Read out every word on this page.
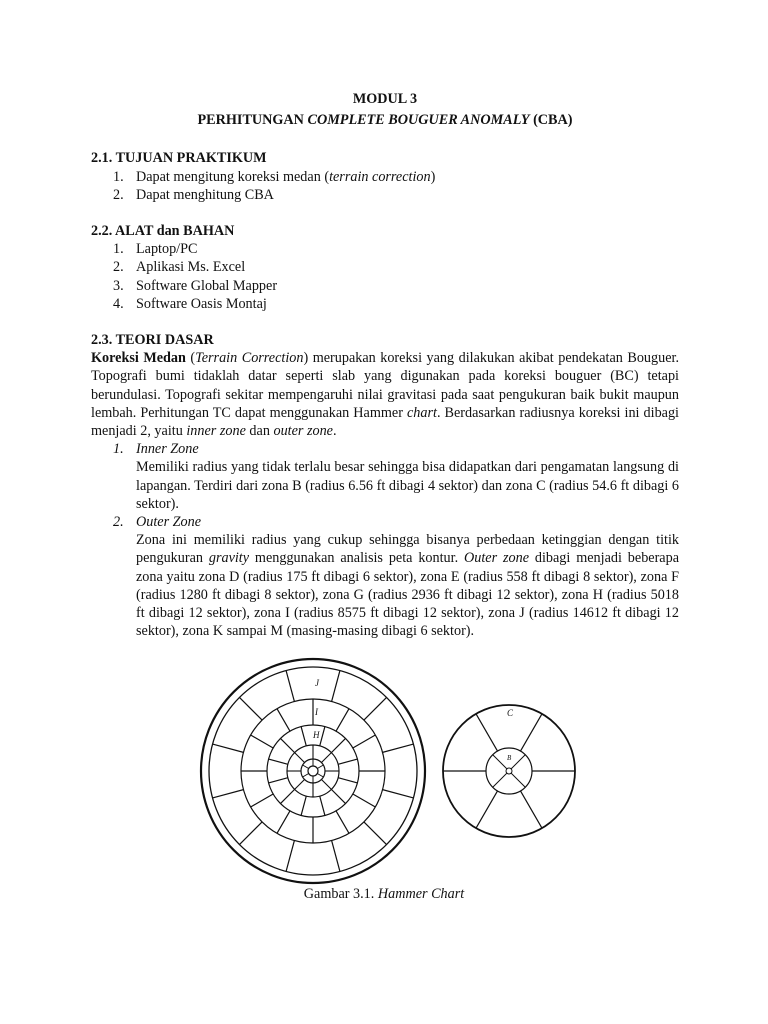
MODUL 3

PERHITUNGAN COMPLETE BOUGUER ANOMALY (CBA)

2.1. TUJUAN PRAKTIKUM

1. Dapat mengitung koreksi medan (terrain correction)
2. Dapat menghitung CBA

2.2. ALAT dan BAHAN

1. Laptop/PC
2. Aplikasi Ms. Excel
3. Software Global Mapper
4. Software Oasis Montaj

2.3. TEORI DASAR

Koreksi Medan (Terrain Correction) merupakan koreksi yang dilakukan akibat pendekatan Bouguer. Topografi bumi tidaklah datar seperti slab yang digunakan pada koreksi bouguer (BC) tetapi berundulasi. Topografi sekitar mempengaruhi nilai gravitasi pada saat pengukuran baik bukit maupun lembah. Perhitungan TC dapat menggunakan Hammer chart. Berdasarkan radiusnya koreksi ini dibagi menjadi 2, yaitu inner zone dan outer zone.

1. Inner Zone
Memiliki radius yang tidak terlalu besar sehingga bisa didapatkan dari pengamatan langsung di lapangan. Terdiri dari zona B (radius 6.56 ft dibagi 4 sektor) dan zona C (radius 54.6 ft dibagi 6 sektor).
2. Outer Zone
Zona ini memiliki radius yang cukup sehingga bisanya perbedaan ketinggian dengan titik pengukuran gravity menggunakan analisis peta kontur. Outer zone dibagi menjadi beberapa zona yaitu zona D (radius 175 ft dibagi 6 sektor), zona E (radius 558 ft dibagi 8 sektor), zona F (radius 1280 ft dibagi 8 sektor), zona G (radius 2936 ft dibagi 12 sektor), zona H (radius 5018 ft dibagi 12 sektor), zona I (radius 8575 ft dibagi 12 sektor), zona J (radius 14612 ft dibagi 12 sektor), zona K sampai M (masing-masing dibagi 6 sektor).
J
I
H
C
B
Gambar 3.1. Hammer Chart
